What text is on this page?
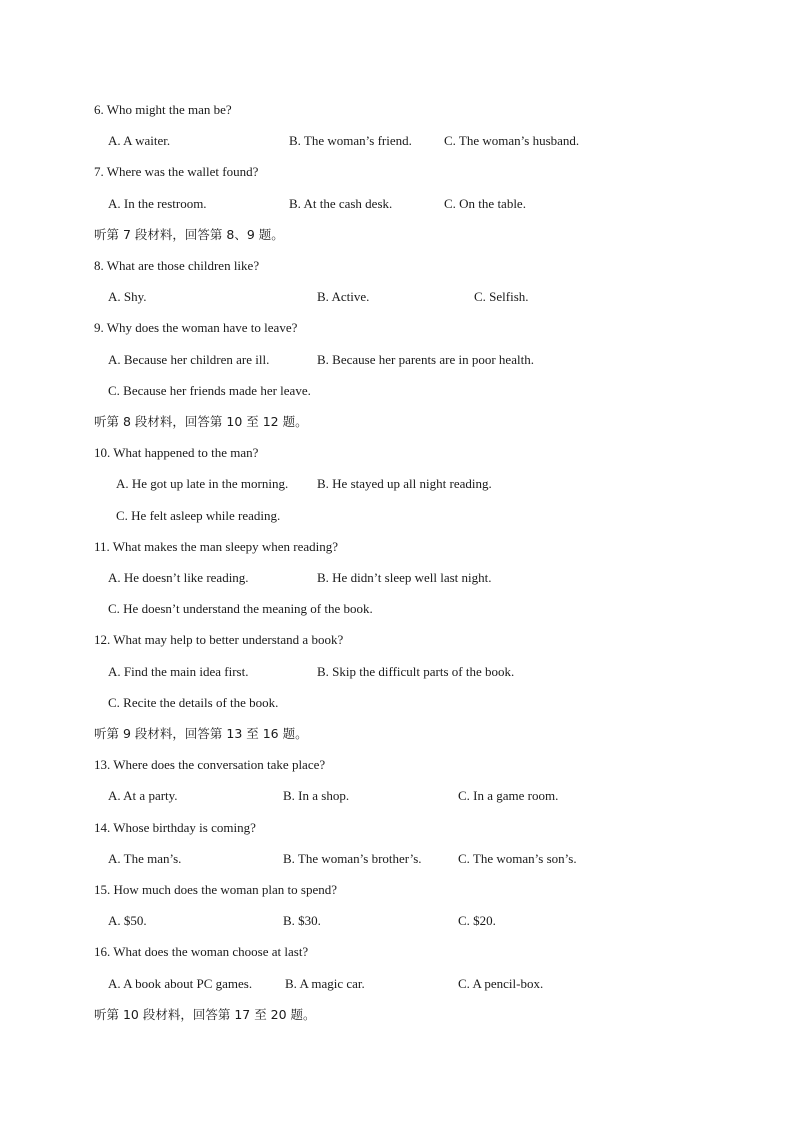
6. Who might the man be?
A. A waiter.	B. The woman’s friend. C. The woman’s husband.
7. Where was the wallet found?
A. In the restroom.	B. At the cash desk.	C. On the table.
听第 7 段材料，回答第 8、9 题。
8. What are those children like?
A. Shy.	B. Active.	C. Selfish.
9. Why does the woman have to leave?
A. Because her children are ill.	B. Because her parents are in poor health.
C. Because her friends made her leave.
听第 8 段材料，回答第 10 至 12 题。
10. What happened to the man?
A. He got up late in the morning. B. He stayed up all night reading.
C. He felt asleep while reading.
11. What makes the man sleepy when reading?
A. He doesn’t like reading.	B. He didn’t sleep well last night.
C. He doesn’t understand the meaning of the book.
12. What may help to better understand a book?
A. Find the main idea first.	B. Skip the difficult parts of the book.
C. Recite the details of the book.
听第 9 段材料，回答第 13 至 16 题。
13. Where does the conversation take place?
A. At a party.	B. In a shop.	C. In a game room.
14. Whose birthday is coming?
A. The man’s.	B. The woman’s brother’s.	C. The woman’s son’s.
15. How much does the woman plan to spend?
A. $50.	B. $30.	C. $20.
16. What does the woman choose at last?
A. A book about PC games.	B. A magic car.	C. A pencil-box.
听第 10 段材料，回答第 17 至 20 题。
